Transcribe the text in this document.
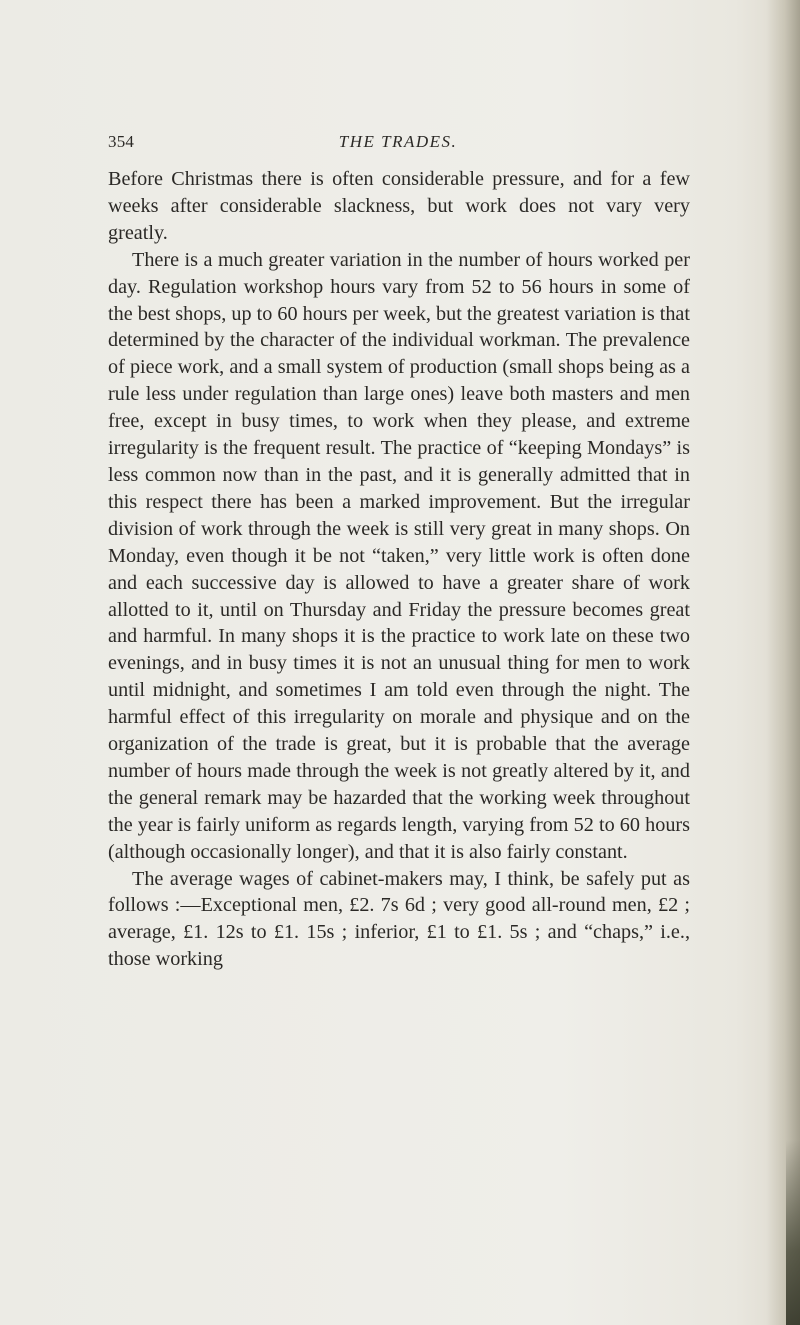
354	THE TRADES.

Before Christmas there is often considerable pressure, and for a few weeks after considerable slackness, but work does not vary very greatly.

There is a much greater variation in the number of hours worked per day. Regulation workshop hours vary from 52 to 56 hours in some of the best shops, up to 60 hours per week, but the greatest variation is that determined by the character of the individual workman. The prevalence of piece work, and a small system of production (small shops being as a rule less under regulation than large ones) leave both masters and men free, except in busy times, to work when they please, and extreme irregularity is the frequent result. The practice of “keeping Mondays” is less common now than in the past, and it is generally admitted that in this respect there has been a marked improvement. But the irregular division of work through the week is still very great in many shops. On Monday, even though it be not “taken,” very little work is often done and each successive day is allowed to have a greater share of work allotted to it, until on Thursday and Friday the pressure becomes great and harmful. In many shops it is the practice to work late on these two evenings, and in busy times it is not an unusual thing for men to work until midnight, and sometimes I am told even through the night. The harmful effect of this irregularity on morale and physique and on the organization of the trade is great, but it is probable that the average number of hours made through the week is not greatly altered by it, and the general remark may be hazarded that the working week throughout the year is fairly uniform as regards length, varying from 52 to 60 hours (although occasionally longer), and that it is also fairly constant.

The average wages of cabinet-makers may, I think, be safely put as follows :—Exceptional men, £2. 7s 6d ; very good all-round men, £2 ; average, £1. 12s to £1. 15s ; inferior, £1 to £1. 5s ; and “chaps,” i.e., those working
